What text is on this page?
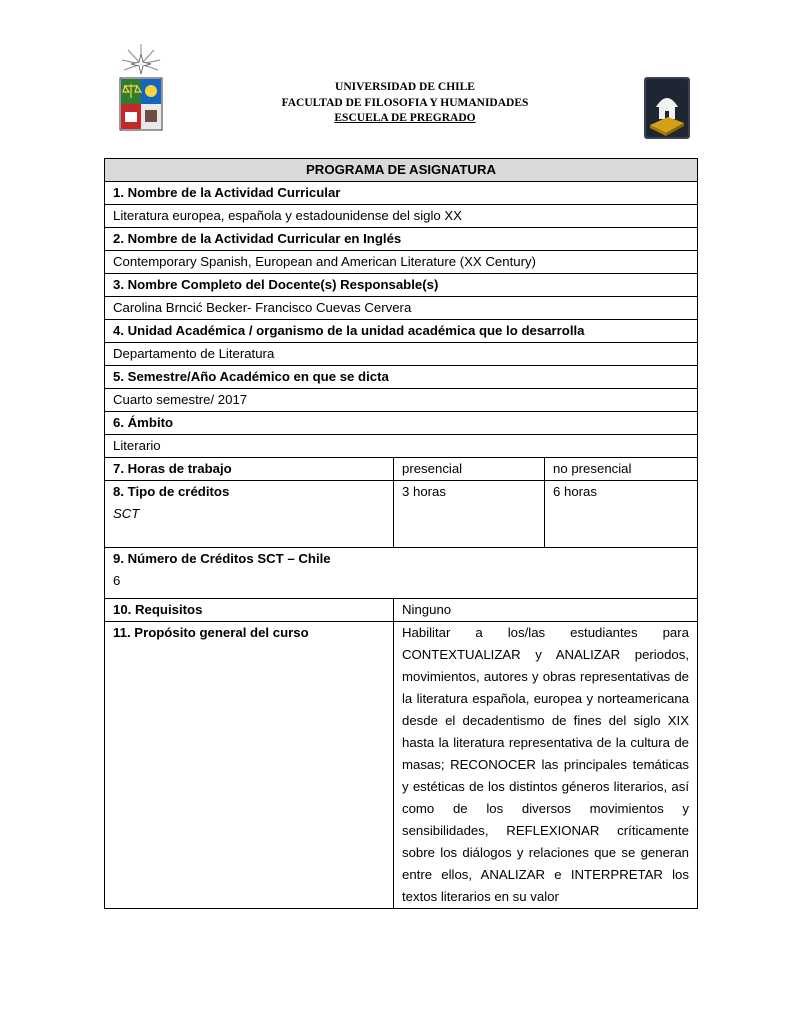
UNIVERSIDAD DE CHILE
FACULTAD DE FILOSOFIA Y HUMANIDADES
ESCUELA DE PREGRADO
PROGRAMA DE ASIGNATURA		
1. Nombre de la Actividad Curricular		
Literatura europea, española y estadounidense del siglo XX		
2. Nombre de la Actividad Curricular en Inglés		
Contemporary Spanish, European and American Literature (XX Century)		
3. Nombre Completo del Docente(s) Responsable(s)		
Carolina Brncić Becker- Francisco Cuevas Cervera		
4. Unidad Académica / organismo de la unidad académica que lo desarrolla		
Departamento de Literatura		
5. Semestre/Año Académico en que se dicta		
Cuarto semestre/ 2017		
6. Ámbito		
Literario		
7. Horas de trabajo	presencial	no presencial

8. Tipo de créditos
SCT	3 horas	6 horas

9. Número de Créditos SCT – Chile
6		

10. Requisitos	Ninguno	
11. Propósito general del curso	Habilitar a los/las estudiantes para CONTEXTUALIZAR y ANALIZAR periodos, movimientos, autores y obras representativas de la literatura española, europea y norteamericana desde el decadentismo de fines del siglo XIX hasta la literatura representativa de la cultura de masas; RECONOCER las principales temáticas y estéticas de los distintos géneros literarios, así como de los diversos movimientos y sensibilidades, REFLEXIONAR críticamente sobre los diálogos y relaciones que se generan entre ellos, ANALIZAR e INTERPRETAR los textos literarios en su valor	
